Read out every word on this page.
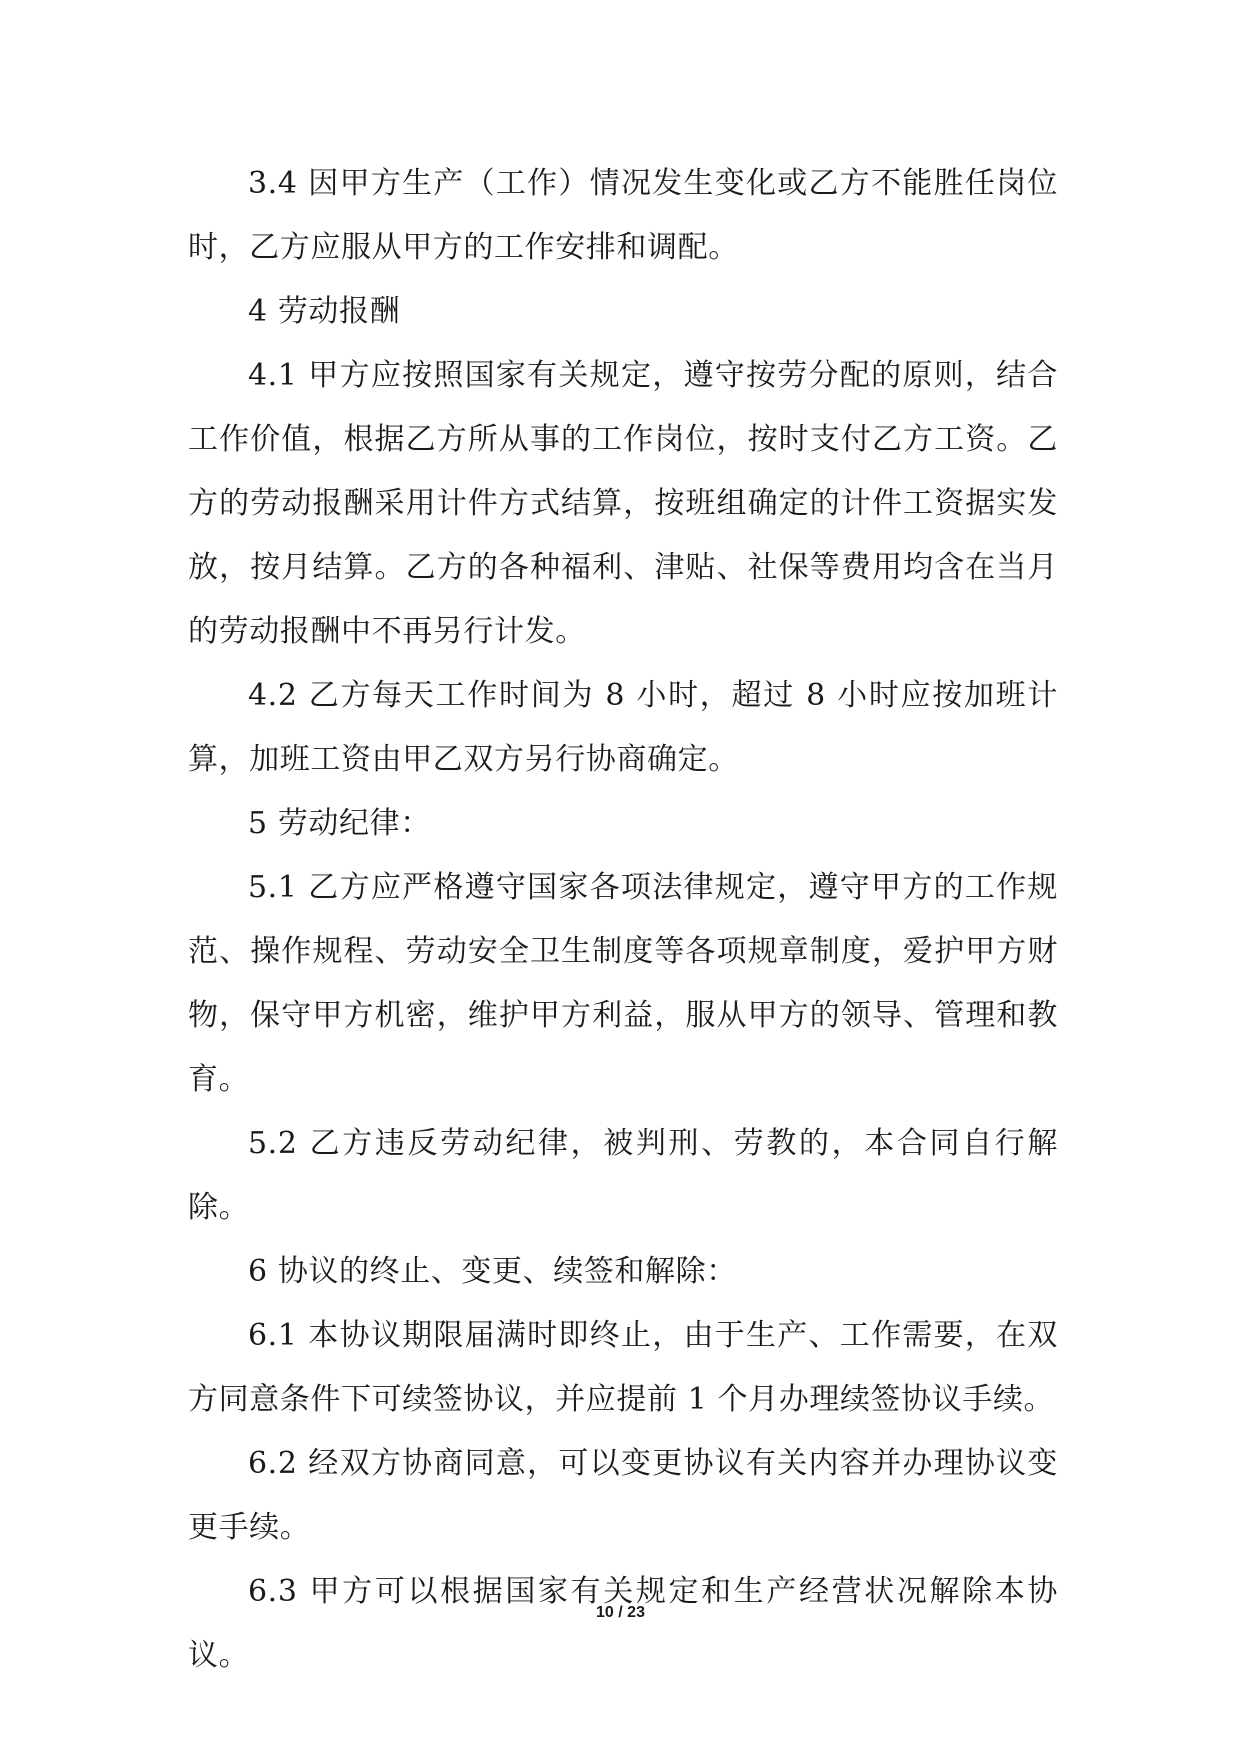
3.4 因甲方生产（工作）情况发生变化或乙方不能胜任岗位时，乙方应服从甲方的工作安排和调配。

4 劳动报酬

4.1 甲方应按照国家有关规定，遵守按劳分配的原则，结合工作价值，根据乙方所从事的工作岗位，按时支付乙方工资。乙方的劳动报酬采用计件方式结算，按班组确定的计件工资据实发放，按月结算。乙方的各种福利、津贴、社保等费用均含在当月的劳动报酬中不再另行计发。

4.2 乙方每天工作时间为 8 小时，超过 8 小时应按加班计算，加班工资由甲乙双方另行协商确定。

5 劳动纪律：

5.1 乙方应严格遵守国家各项法律规定，遵守甲方的工作规范、操作规程、劳动安全卫生制度等各项规章制度，爱护甲方财物，保守甲方机密，维护甲方利益，服从甲方的领导、管理和教育。

5.2 乙方违反劳动纪律，被判刑、劳教的，本合同自行解除。

6 协议的终止、变更、续签和解除：

6.1 本协议期限届满时即终止，由于生产、工作需要，在双方同意条件下可续签协议，并应提前 1 个月办理续签协议手续。

6.2 经双方协商同意，可以变更协议有关内容并办理协议变更手续。

6.3 甲方可以根据国家有关规定和生产经营状况解除本协议。

10 / 23
